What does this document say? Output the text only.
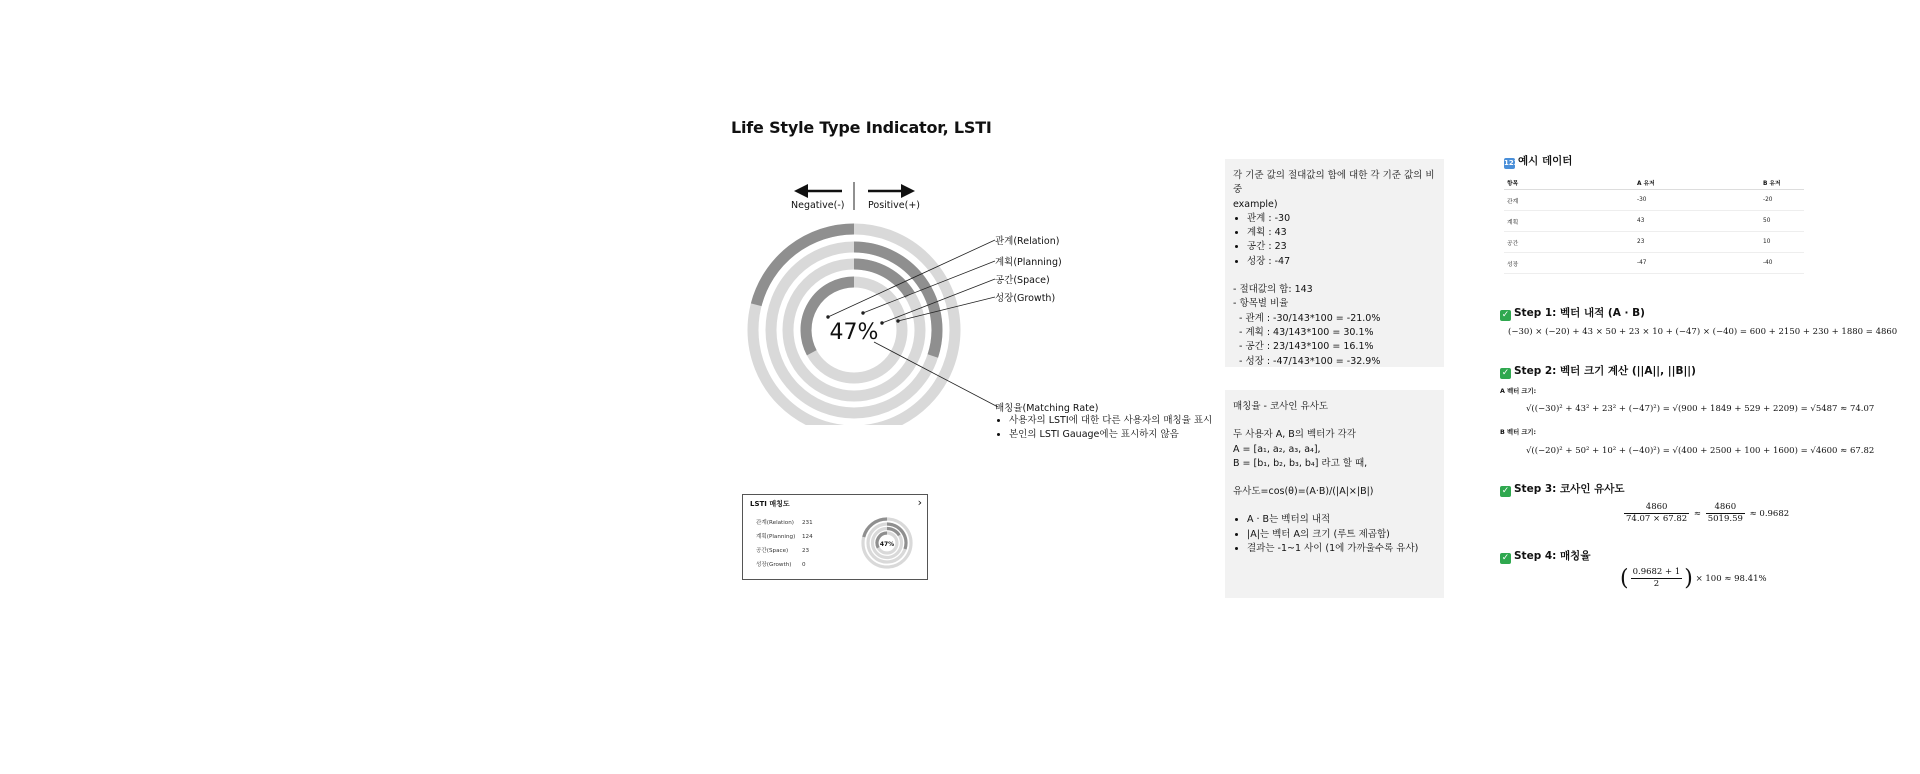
Life Style Type Indicator, LSTI
Negative(-) Positive(+)
47%
관계(Relation)
계획(Planning)
공간(Space)
성장(Growth)
매칭율(Matching Rate)
• 사용자의 LSTI에 대한 다른 사용자의 매칭율 표시
• 본인의 LSTI Gauage에는 표시하지 않음
LSTI 매칭도	›
관계(Relation) 231
계획(Planning) 124
공간(Space) 23
성장(Growth) 0
47%

각 기준 값의 절대값의 합에 대한 각 기준 값의 비중

example)

• 관계 : -30
• 계획 : 43
• 공간 : 23
• 성장 : -47

- 절대값의 합: 143

- 항목별 비율

- 관계 : -30/143*100 = -21.0%

- 계획 : 43/143*100 = 30.1%

- 공간 : 23/143*100 = 16.1%

- 성장 : -47/143*100 = -32.9%

매칭율 - 코사인 유사도

두 사용자 A, B의 벡터가 각각

A = [a₁, a₂, a₃, a₄],

B = [b₁, b₂, b₃, b₄] 라고 할 때,

유사도=cos(θ)=(A·B)/(|A|×|B|)

• A · B는 벡터의 내적
• |A|는 벡터 A의 크기 (루트 제곱합)
• 결과는 -1~1 사이 (1에 가까울수록 유사)
1234예시 데이터
항목	A 유저	B 유저
관계	-30	-20
계획	43	50
공간	23	10
성장	-47	-40
✓ Step 1: 벡터 내적 (A · B)
(−30) × (−20) + 43 × 50 + 23 × 10 + (−47) × (−40) = 600 + 2150 + 230 + 1880 = 4860
✓ Step 2: 벡터 크기 계산 (||A||, ||B||)
A 벡터 크기:
√((−30)² + 43² + 23² + (−47)²) = √(900 + 1849 + 529 + 2209) = √5487 ≈ 74.07
B 벡터 크기:
√((−20)² + 50² + 10² + (−40)²) = √(400 + 2500 + 100 + 1600) = √4600 ≈ 67.82
✓ Step 3: 코사인 유사도
$\frac{4860}{74.07 \times 67.82} \approx \frac{4860}{5019.59} \approx 0.9682$
✓ Step 4: 매칭율
( $\frac{0.9682 + 1}{2}$ ) × 100 ≈ 98.41%
